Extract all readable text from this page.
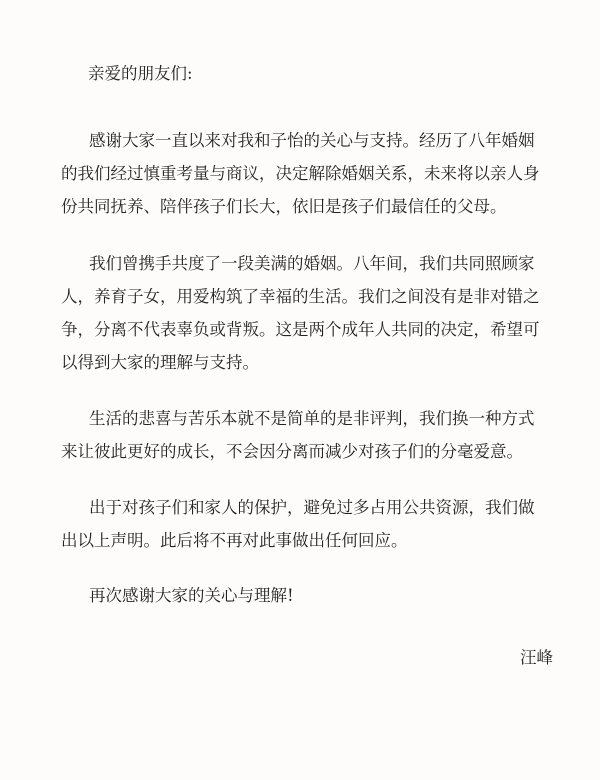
亲爱的朋友们:
感谢大家一直以来对我和子怡的关心与支持。经历了八年婚姻
的我们经过慎重考量与商议，决定解除婚姻关系，未来将以亲人身
份共同抚养、陪伴孩子们长大，依旧是孩子们最信任的父母。
我们曾携手共度了一段美满的婚姻。八年间，我们共同照顾家
人，养育子女，用爱构筑了幸福的生活。我们之间没有是非对错之
争，分离不代表辜负或背叛。这是两个成年人共同的决定，希望可
以得到大家的理解与支持。
生活的悲喜与苦乐本就不是简单的是非评判，我们换一种方式
来让彼此更好的成长，不会因分离而减少对孩子们的分毫爱意。
出于对孩子们和家人的保护，避免过多占用公共资源，我们做
出以上声明。此后将不再对此事做出任何回应。
再次感谢大家的关心与理解!
汪峰
